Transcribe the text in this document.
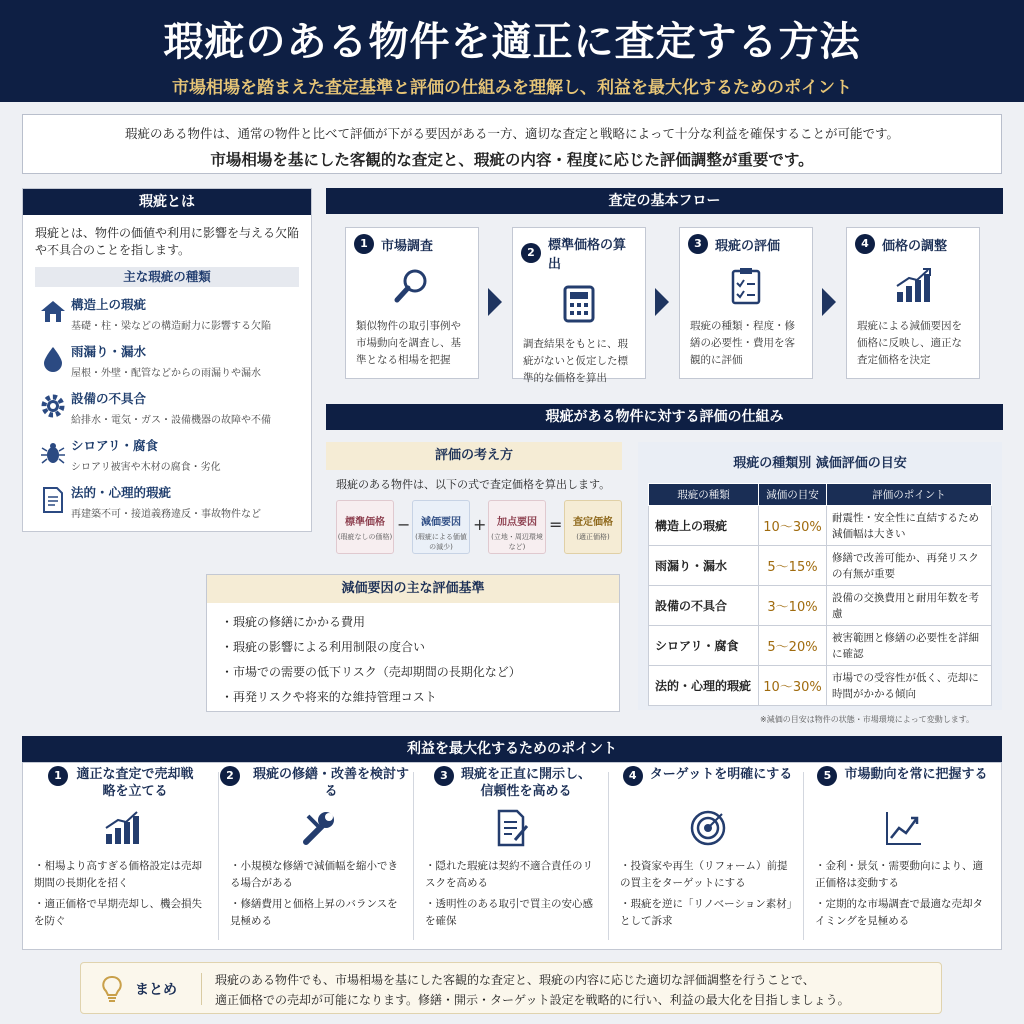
瑕疵のある物件を適正に査定する方法

市場相場を踏まえた査定基準と評価の仕組みを理解し、利益を最大化するためのポイント

瑕疵のある物件は、通常の物件と比べて評価が下がる要因がある一方、適切な査定と戦略によって十分な利益を確保することが可能です。
市場相場を基にした客観的な査定と、瑕疵の内容・程度に応じた評価調整が重要です。
瑕疵とは
瑕疵とは、物件の価値や利用に影響を与える欠陥や不具合のことを指します。
主な瑕疵の種類
構造上の瑕疵
基礎・柱・梁などの構造耐力に影響する欠陥
雨漏り・漏水
屋根・外壁・配管などからの雨漏りや漏水
設備の不具合
給排水・電気・ガス・設備機器の故障や不備
シロアリ・腐食
シロアリ被害や木材の腐食・劣化
法的・心理的瑕疵
再建築不可・接道義務違反・事故物件など
査定の基本フロー
1	市場調査
類似物件の取引事例や市場動向を調査し、基準となる相場を把握
2	標準価格の算出
調査結果をもとに、瑕疵がないと仮定した標準的な価格を算出
3	瑕疵の評価
瑕疵の種類・程度・修繕の必要性・費用を客観的に評価
4	価格の調整
瑕疵による減価要因を価格に反映し、適正な査定価格を決定
瑕疵がある物件に対する評価の仕組み
評価の考え方
瑕疵のある物件は、以下の式で査定価格を算出します。
標準価格
(瑕疵なしの価格)
−	減価要因
(瑕疵による価値の減少)
+	加点要因
(立地・周辺環境など)
=	査定価格
(適正価格)
減価要因の主な評価基準
・瑕疵の修繕にかかる費用
・瑕疵の影響による利用制限の度合い
・市場での需要の低下リスク（売却期間の長期化など）
・再発リスクや将来的な維持管理コスト
瑕疵の種類別 減価評価の目安
瑕疵の種類	減価の目安	評価のポイント
構造上の瑕疵	10〜30%	耐震性・安全性に直結するため減価幅は大きい
雨漏り・漏水	5〜15%	修繕で改善可能か、再発リスクの有無が重要
設備の不具合	3〜10%	設備の交換費用と耐用年数を考慮
シロアリ・腐食	5〜20%	被害範囲と修繕の必要性を詳細に確認
法的・心理的瑕疵	10〜30%	市場での受容性が低く、売却に時間がかかる傾向
※減価の目安は物件の状態・市場環境によって変動します。
利益を最大化するためのポイント
1	適正な査定で売却戦略を立てる
・相場より高すぎる価格設定は売却期間の長期化を招く
・適正価格で早期売却し、機会損失を防ぐ
2	瑕疵の修繕・改善を検討する
・小規模な修繕で減価幅を縮小できる場合がある
・修繕費用と価格上昇のバランスを見極める
3	瑕疵を正直に開示し、信頼性を高める
・隠れた瑕疵は契約不適合責任のリスクを高める
・透明性のある取引で買主の安心感を確保
4	ターゲットを明確にする
・投資家や再生（リフォーム）前提の買主をターゲットにする
・瑕疵を逆に「リノベーション素材」として訴求
5	市場動向を常に把握する
・金利・景気・需要動向により、適正価格は変動する
・定期的な市場調査で最適な売却タイミングを見極める
まとめ
瑕疵のある物件でも、市場相場を基にした客観的な査定と、瑕疵の内容に応じた適切な評価調整を行うことで、
適正価格での売却が可能になります。修繕・開示・ターゲット設定を戦略的に行い、利益の最大化を目指しましょう。
